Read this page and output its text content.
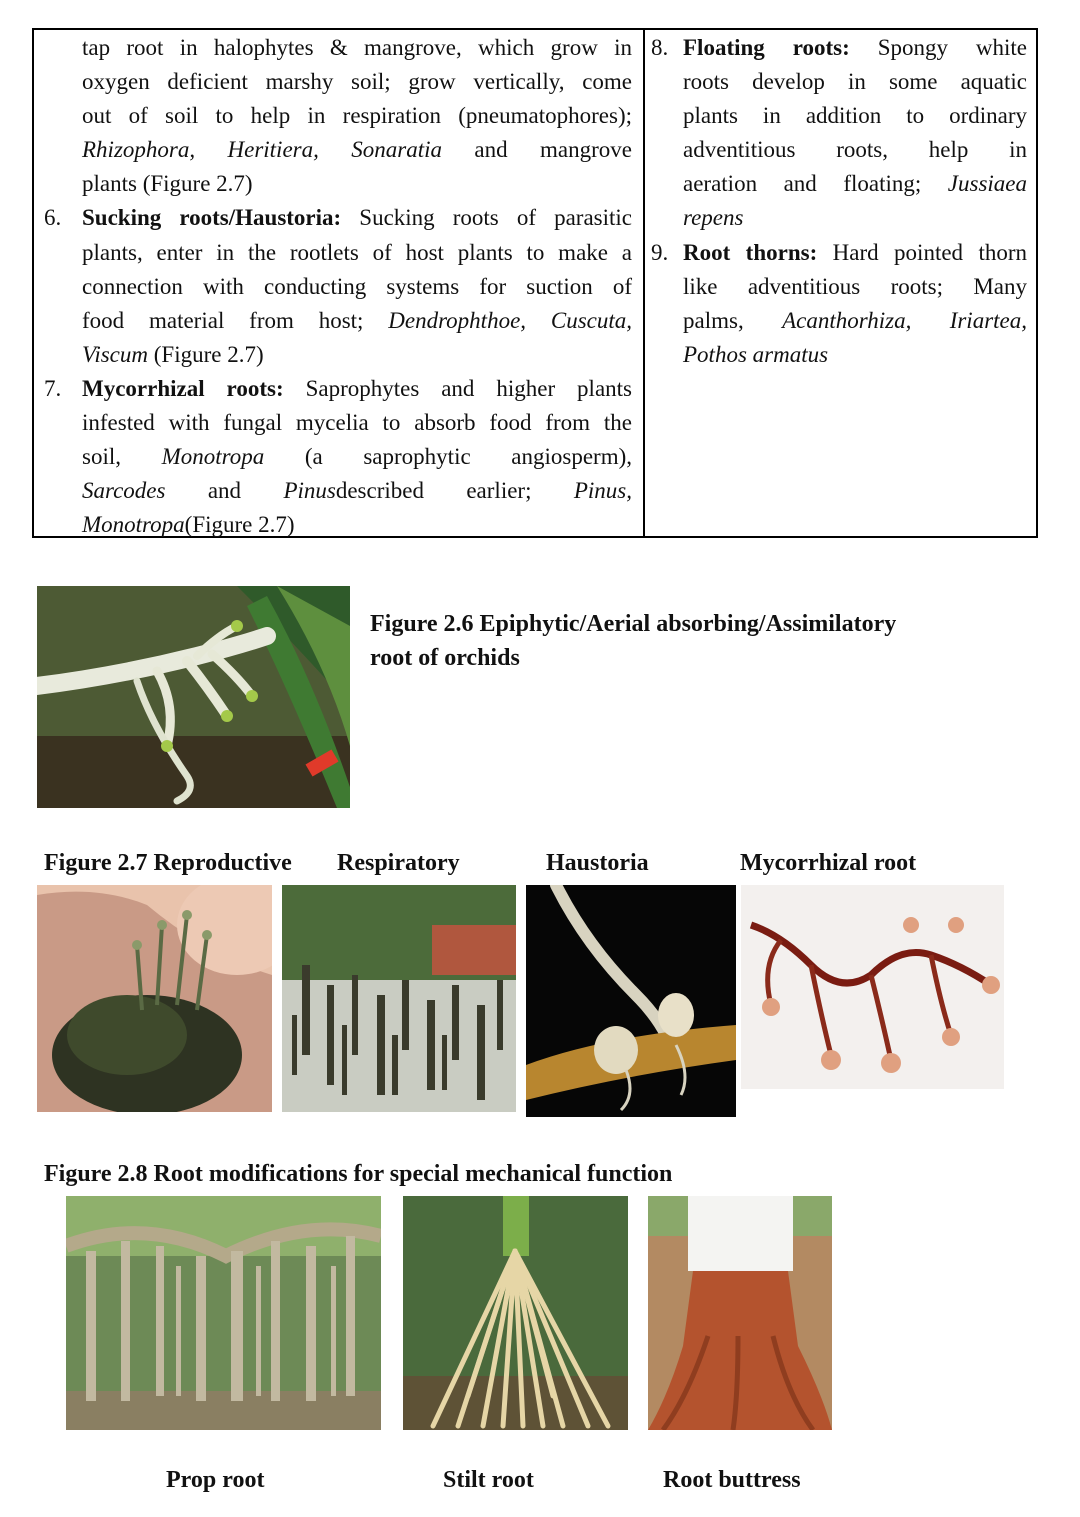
tap root in halophytes & mangrove, which grow in

oxygen deficient marshy soil; grow vertically, come

out of soil to help in respiration (pneumatophores);

Rhizophora, Heritiera, Sonaratia and mangrove

plants (Figure 2.7)

6. Sucking roots/Haustoria: Sucking roots of parasitic

plants, enter in the rootlets of host plants to make a

connection with conducting systems for suction of

food material from host; Dendrophthoe, Cuscuta,

Viscum (Figure 2.7)

7. Mycorrhizal roots: Saprophytes and higher plants

infested with fungal mycelia to absorb food from the

soil, Monotropa (a saprophytic angiosperm),

Sarcodes and Pinusdescribed earlier; Pinus,

Monotropa(Figure 2.7)

8. Floating roots: Spongy white

roots develop in some aquatic

plants in addition to ordinary

adventitious roots, help in

aeration and floating; Jussiaea

repens

9. Root thorns: Hard pointed thorn

like adventitious roots; Many

palms, Acanthorhiza, Iriartea,

Pothos armatus

Figure 2.6 Epiphytic/Aerial absorbing/Assimilatory
root of orchids
Figure 2.7 Reproductive Respiratory	Haustoria	Mycorrhizal root
Figure 2.8 Root modifications for special mechanical function
Prop root	Stilt root	Root buttress
